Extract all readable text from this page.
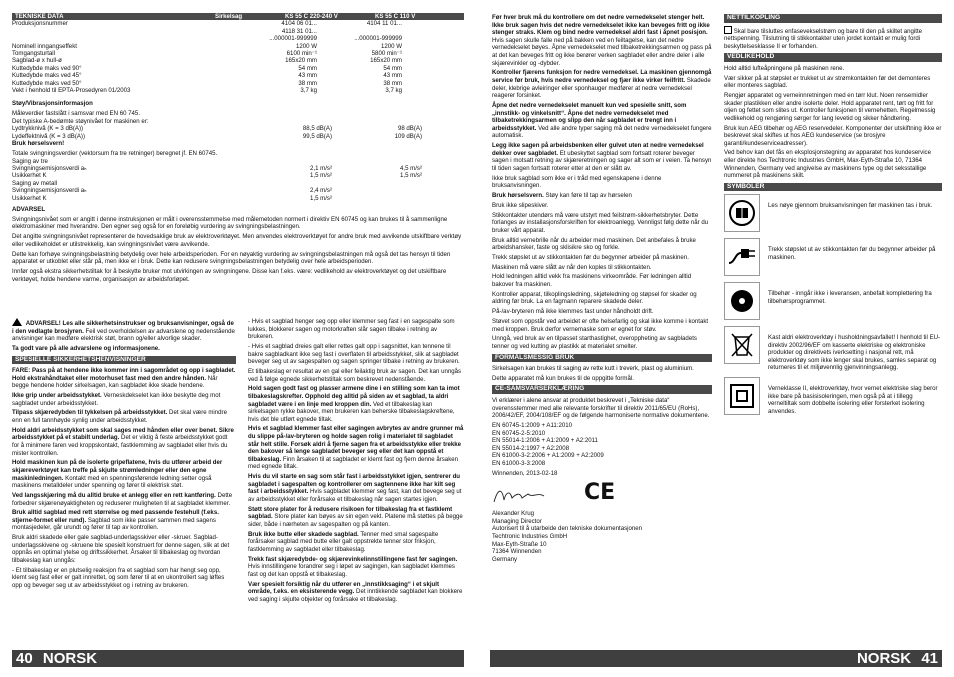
TEKNISKE DATA	Sirkelsag	KS 55 C 220-240 V	KS 55 C 110 V
Produksjonsnummer	4104 06 01...	4104 11 01...
4118 31 01...
...000001-999999	...000001-999999
Nominell inngangseffekt	1200 W	1200 W
Tomgangsturtall	6100 min⁻¹	5800 min⁻¹
Sagblad-ø x hull-ø	165x20 mm	165x20 mm
Kuttedybde maks ved 90°	54 mm	54 mm
Kuttedybde maks ved 45°	43 mm	43 mm
Kuttedybde maks ved 50°	38 mm	38 mm
Vekt i henhold til EPTA-Prosedyren 01/2003	3,7 kg	3,7 kg

Støy/Vibrasjonsinformasjon

Måleverdier fastslått i samsvar med EN 60 745.

Det typiske A-bedømte støynivået for maskinen er:

Lydtrykknivå (K = 3 dB(A))	88,5 dB(A)	98 dB(A)
Lydeffektnivå (K = 3 dB(A))	99,5 dB(A)	109 dB(A)

Bruk hørselsvern!

Totale svingningsverdier (vektorsum fra tre retninger) beregnet jf. EN 60745.

Saging av tre
Svingningsemisjonsverdi aₕ	2,1 m/s²	4,5 m/s²
Usikkerhet K	1,5 m/s²	1,5 m/s²
Saging av metall
Svingningsemisjonsverdi aₕ	2,4 m/s²
Usikkerhet K	1,5 m/s²

ADVARSEL

Svingningsnivået som er angitt i denne instruksjonen er målt i overensstemmelse med målemetoden normert i direktiv EN 60745 og kan brukes til å sammenligne elektromaskiner med hverandre. Den egner seg også for en foreløbig vurdering av svingningsbelastningen.

Det angitte svingningsnivået representerer de hovedsaklige bruk av elektroverktøyet. Men anvendes elektroverktøyet for andre bruk med avvikende utskiftbare verktøy eller vedlikeholdet er utilstrekkelig, kan svingningsnivået være avvikende.

Dette kan forhøye svingningsbelastning betydelig over hele arbeidsperioden. For en nøyaktig vurdering av svingningsbelastningen må også det tas hensyn til tiden apparatet er utkoblet eller står på, men ikke er i bruk. Dette kan redusere svingningsbelastningen betydelig over hele arbeidsperioden.

Innfør også ekstra sikkerhetstiltak for å beskytte bruker mot utvirkingen av svingningene. Disse kan f.eks. være: vedlikehold av elektroverktøyet og det utskiftbare verktøyet, holde hendene varme, organisasjon av arbeidsforløpet.

ADVARSEL! Les alle sikkerhetsinstrukser og bruksanvisninger, også de i den vedlagte brosjyren. Feil ved overholdelsen av advarslene og nedenstående anvisninger kan medføre elektrisk støt, brann og/eller alvorlige skader.

Ta godt vare på alle advarslene og informasjonene.

SPESIELLE SIKKERHETSHENVISNINGER

FARE: Pass på at hendene ikke kommer inn i sagområdet og opp i sagbladet. Hold ekstrahåndtaket eller motorhuset fast med den andre hånden. Når begge hendene holder sirkelsagen, kan sagbladet ikke skade hendene.

Ikke grip under arbeidsstykket. Verneskdekselet kan ikke beskytte deg mot sagbladet under arbeidsstykket.

Tilpass skjæredybden til tykkelsen på arbeidsstykket. Det skal være mindre enn en full tannhøyde synlig under arbeidsstykket.

Hold aldri arbeidsstykket som skal sages med hånden eller over benet. Sikre arbeidsstykket på et stabilt underlag. Det er viktig å feste arbeidsstykket godt for å minimere faren ved kroppskontakt, fastklemming av sagbladet eller hvis du mister kontrollen.

Hold maskinen kun på de isolerte gripeflatene, hvis du utfører arbeid der skjæreverktøyet kan treffe på skjulte strømledninger eller den egne maskinledningen. Kontakt med en spenningsførende ledning setter også maskinens metalldeler under spenning og fører til elektrisk støt.

Ved langsskjæring må du alltid bruke et anlegg eller en rett kantføring. Dette forbedrer skjærenøyaktigheten og reduserer muligheten til at sagbladet klemmer.

Bruk alltid sagblad med rett størrelse og med passende festehull (f.eks. stjerne-formet eller rund). Sagblad som ikke passer sammen med sagens montasjedeler, går urundt og fører til tap av kontrollen.

Bruk aldri skadede eller gale sagblad-underlagsskiver eller -skruer. Sagblad-underlagsskivene og -skruene ble spesielt konstruert for denne sagen, slik at det oppnås en optimal ytelse og driftssikkerhet. Årsaker til tilbakeslag og hvordan tilbakeslag kan unngås:

- Et tilbakeslag er en plutselig reaksjon fra et sagblad som har hengt seg opp, klemt seg fast eller er galt innrettet, og som fører til at en ukontrollert sag løftes opp og beveger seg ut av arbeidsstykket og i retning av brukeren.

- Hvis et sagblad henger seg opp eller klemmer seg fast i en sagespalte som lukkes, blokkerer sagen og motorkraften slår sagen tilbake i retning av brukeren.

- Hvis et sagblad dreies galt eller rettes galt opp i sagsnittet, kan tennene til bakre sagbladkant ikke seg fast i overflaten til arbeidsstykket, slik at sagbladet beveger seg ut av sagespalten og sagen springer tilbake i retning av brukeren.

Et tilbakeslag er resultat av en gal eller feilaktig bruk av sagen. Det kan unngås ved å følge egnede sikkerhetstiltak som beskrevet nedenstående.

Hold sagen godt fast og plasser armene dine i en stilling som kan ta imot tilbakeslagskrefter. Opphold deg alltid på siden av et sagblad, ta aldri sagbladet være i en linje med kroppen din. Ved et tilbakeslag kan sirkelsagen rykke bakover, men brukeren kan beherske tilbakeslagskreftene, hvis det ble utført egnede tiltak.

Hvis et sagblad klemmer fast eller sagingen avbrytes av andre grunner må du slippe på-/av-bryteren og holde sagen rolig i materialet til sagbladet står helt stille. Forsøk aldri å fjerne sagen fra et arbeidsstykke eller trekke den bakover så lenge sagbladet beveger seg eller det kan oppstå et tilbakeslag. Finn årsaken til at sagbladet er klemt fast og fjern denne årsaken med egnede tiltak.

Hvis du vil starte en sag som står fast i arbeidsstykket igjen, sentrerer du sagbladet i sagespalten og kontrollerer om sagtennene ikke har kilt seg fast i arbeidsstykket. Hvis sagbladet klemmer seg fast, kan det bevege seg ut av arbeidsstykket eller forårsake et tilbakeslag når sagen startes igjen.

Støtt store plater for å redusere risikoen for tilbakeslag fra et fastklemt sagblad. Store plater kan bøyes av sin egen vekt. Platene må støttes på begge sider, både i nærheten av sagespalten og på kanten.

Bruk ikke butte eller skadede sagblad. Tenner med smal sagespalte forårsaker sagblad med butte eller galt oppstrekte tenner stor friksjon, fastklemming av sagbladet eller tilbakeslag.

Trekk fast skjæredybde- og skjærevinkelinnstillingene fast før sagingen. Hvis innstillingene forandrer seg i løpet av sagingen, kan sagbladet klemmes fast og det kan oppstå et tilbakeslag.

Vær spesielt forsiktig når du utfører en „innstikksaging“ i et skjult område, f.eks. en eksisterende vegg. Det inntikkende sagbladet kan blokkere ved saging i skjulte objekter og forårsake et tilbakeslag.

40 NORSK

Før hver bruk må du kontrollere om det nedre vernedekselet stenger helt. Ikke bruk sagen hvis det nedre vernedekselet ikke kan beveges fritt og ikke stenger straks. Klem og bind nedre vernedeksel aldri fast i åpnet posisjon. Hvis sagen skulle falle ned på bakken ved en feiltagelse, kan det nedre vernedekselet bøyes. Åpne vernedekselet med tilbaketrekkingsarmen og pass på at det kan beveges fritt og ikke berører verken sagbladet eller andre deler i alle skjærevinkler og -dybder.

Kontroller fjærens funksjon for nedre vernedeksel. La maskinen gjennomgå service før bruk, hvis nedre vernedeksel og fjær ikke virker feilfritt. Skadede deler, klebrige avleiringer eller sponhauger medfører at nedre vernedeksel reagerer forsinket.

Åpne det nedre vernedekselet manuelt kun ved spesielle snitt, som „innstikk- og vinkelsnitt“. Åpne det nedre vernedekselet med tilbaketrekkingsarmen og slipp den når sagbladet er trengt inn i arbeidsstykket. Ved alle andre typer saging må det nedre vernedekselet fungere automatisk.

Legg ikke sagen på arbeidsbenken eller gulvet uten at nedre vernedeksel dekker over sagbladet. Et ubeskyttet sagblad som fortsatt roterer beveger sagen i motsatt retning av skjæreretningen og sager alt som er i veien. Ta hensyn til tiden sagen fortsatt roterer etter at den er slått av.

Ikke bruk sagblad som ikke er i tråd med egenskapene i denne bruksanvisningen.

Bruk hørselsvern. Støy kan føre til tap av hørselen

Bruk ikke slipeskiver.

Stikkontakter utendørs må være utstyrt med feilstrøm-sikkerhetsbryter. Dette forlanges av installasjonsforskriften for elektroanlegg. Vennligst følg dette når du bruker vårt apparat.

Bruk alltid vernebrille når du arbeider med maskinen. Det anbefales å bruke arbeidshansker, faste og sklisikre sko og forkle.

Trekk støpslet ut av stikkontakten før du begynner arbeider på maskinen.

Maskinen må være slått av når den koples til stikkontakten.

Hold ledningen alltid vekk fra maskinens virkeområde. Før ledningen alltid bakover fra maskinen.

Kontroller apparat, tilkoplingsledning, skjøteledning og støpsel for skader og aldring før bruk. La en fagmann reparere skadede deler.

På-/av-bryteren må ikke klemmes fast under håndholdt drift.

Støvet som oppstår ved arbeidet er ofte helsefarlig og skal ikke komme i kontakt med kroppen. Bruk derfor vernemaske som er egnet for støv.

Unngå, ved bruk av en tilpasset starthastighet, overoppheting av sagbladets tenner og ved kutting av plastikk at materialet smelter.

FORMÅLSMESSIG BRUK

Sirkelsagen kan brukes til saging av rette kutt i treverk, plast og aluminium.

Dette apparatet må kun brukes til de oppgitte formål.

CE-SAMSVARSERKLÆRING

Vi erklærer i alene ansvar at produktet beskrevet i „Tekniske data“ overensstemmer med alle relevante forskrifter til direktiv 2011/65/EU (RoHs), 2006/42/EF, 2004/108/EF og de følgende harmoniserte normative dokumentene.

EN 60745-1:2009 + A11:2010
EN 60745-2-5:2010
EN 55014-1:2006 + A1:2009 + A2:2011
EN 55014-2:1997 + A2:2008
EN 61000-3-2:2006 + A1:2009 + A2:2009
EN 61000-3-3:2008

Winnenden, 2013-02-18

CE

Alexander Krug

Managing Director

Autorisert til å utarbeide den tekniske dokumentasjonen

Techtronic Industries GmbH
Max-Eyth-Straße 10
71364 Winnenden
Germany
NETTILKOPLING

Skal bare tilsluttes enfasevekselstrøm og bare til den på skiltet angitte nettspenning. Tilslutning til stikkontakter uten jordet kontakt er mulig fordi beskyttelsesklasse II er forhanden.

VEDLIKEHOLD

Hold alltid lufteåpningene på maskinen rene.

Vær sikker på at støpslet er trukket ut av strømkontakten før det demonteres eller monteres sagblad.

Rengjør apparatet og verneinnretningen med en tørr klut. Noen rensemidler skader plastikken eller andre isolerte deler. Hold apparatet rent, tørt og fritt for oljen og fettet som slites ut. Kontroller funksjonen til vernehetten. Regelmessig vedlikehold og rengjøring sørger for lang levetid og sikker håndtering.

Bruk kun AEG tilbehør og AEG reservedeler. Komponenter der utskiftning ikke er beskrevet skal skiftes ut hos AEG kundeservice (se brosjyre garanti/kundeserviceadresser).

Ved behov kan det fås en eksplosjonstegning av apparatet hos kundeservice eller direkte hos Techtronic Industries GmbH, Max-Eyth-Straße 10, 71364 Winnenden, Germany ved angivelse av maskinens type og det seksstallige nummeret på maskinens skilt.

SYMBOLER
Les nøye gjennom bruksanvisningen før maskinen tas i bruk.
Trekk støpslet ut av stikkontakten før du begynner arbeider på maskinen.
Tilbehør - inngår ikke i leveransen, anbefalt komplettering fra tilbehørsprogrammet.
Kast aldri elektroverktøy i husholdningsavfallet! I henhold til EU-direktiv 2002/96/EF om kasserte elektriske og elektroniske produkter og direktivets iverksetting i nasjonal rett, må elektroverktøy som ikke lenger skal brukes, samles separat og returneres til et miljøvennlig gjenvinningsanlegg.
Verneklasse II, elektroverktøy, hvor vernet elektriske slag beror ikke bare på basisisoleringen, men også på at i tillegg verneltiltak som dobbelte isolering eller forsterket isolering anvendes.
NORSK 41
